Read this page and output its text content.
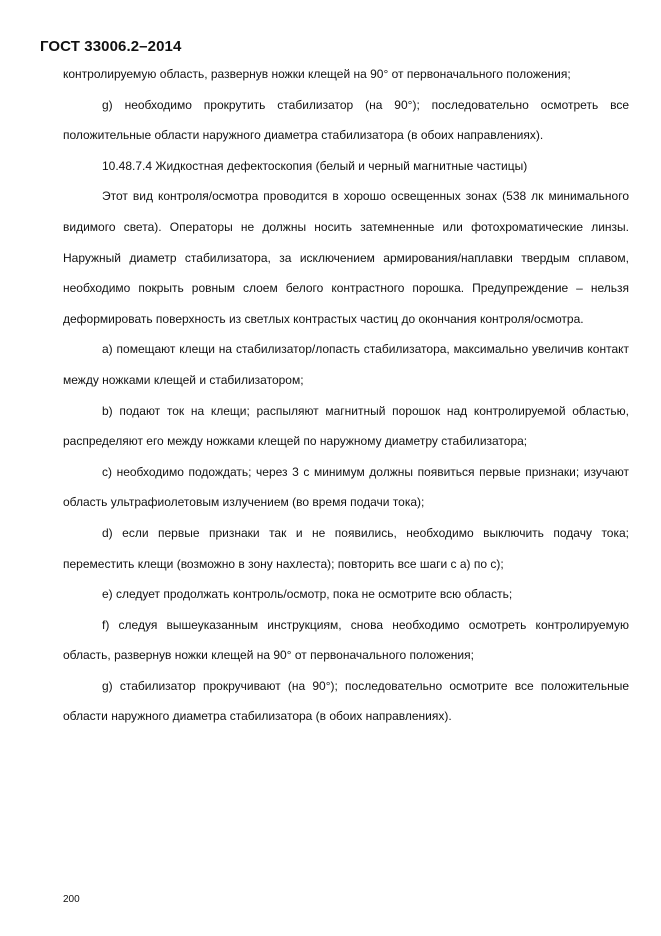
ГОСТ 33006.2–2014

контролируемую область, развернув ножки клещей на 90° от первоначального положения;

g) необходимо прокрутить стабилизатор (на 90°); последовательно осмотреть все положительные области наружного диаметра стабилизатора (в обоих направлениях).

10.48.7.4 Жидкостная дефектоскопия (белый и черный магнитные частицы)

Этот вид контроля/осмотра проводится в хорошо освещенных зонах (538 лк минимального видимого света). Операторы не должны носить затемненные или фотохроматические линзы. Наружный диаметр стабилизатора, за исключением армирования/наплавки твердым сплавом, необходимо покрыть ровным слоем белого контрастного порошка. Предупреждение – нельзя деформировать поверхность из светлых контрастых частиц до окончания контроля/осмотра.

a) помещают клещи на стабилизатор/лопасть стабилизатора, максимально увеличив контакт между ножками клещей и стабилизатором;

b) подают ток на клещи; распыляют магнитный порошок над контролируемой областью, распределяют его между ножками клещей по наружному диаметру стабилизатора;

c) необходимо подождать; через 3 с минимум должны появиться первые признаки; изучают область ультрафиолетовым излучением (во время подачи тока);

d) если первые признаки так и не появились, необходимо выключить подачу тока; переместить клещи (возможно в зону нахлеста); повторить все шаги с a) по c);

e) следует продолжать контроль/осмотр, пока не осмотрите всю область;

f) следуя вышеуказанным инструкциям, снова необходимо осмотреть контролируемую область, развернув ножки клещей на 90° от первоначального положения;

g) стабилизатор прокручивают (на 90°); последовательно осмотрите все положительные области наружного диаметра стабилизатора (в обоих направлениях).

200
